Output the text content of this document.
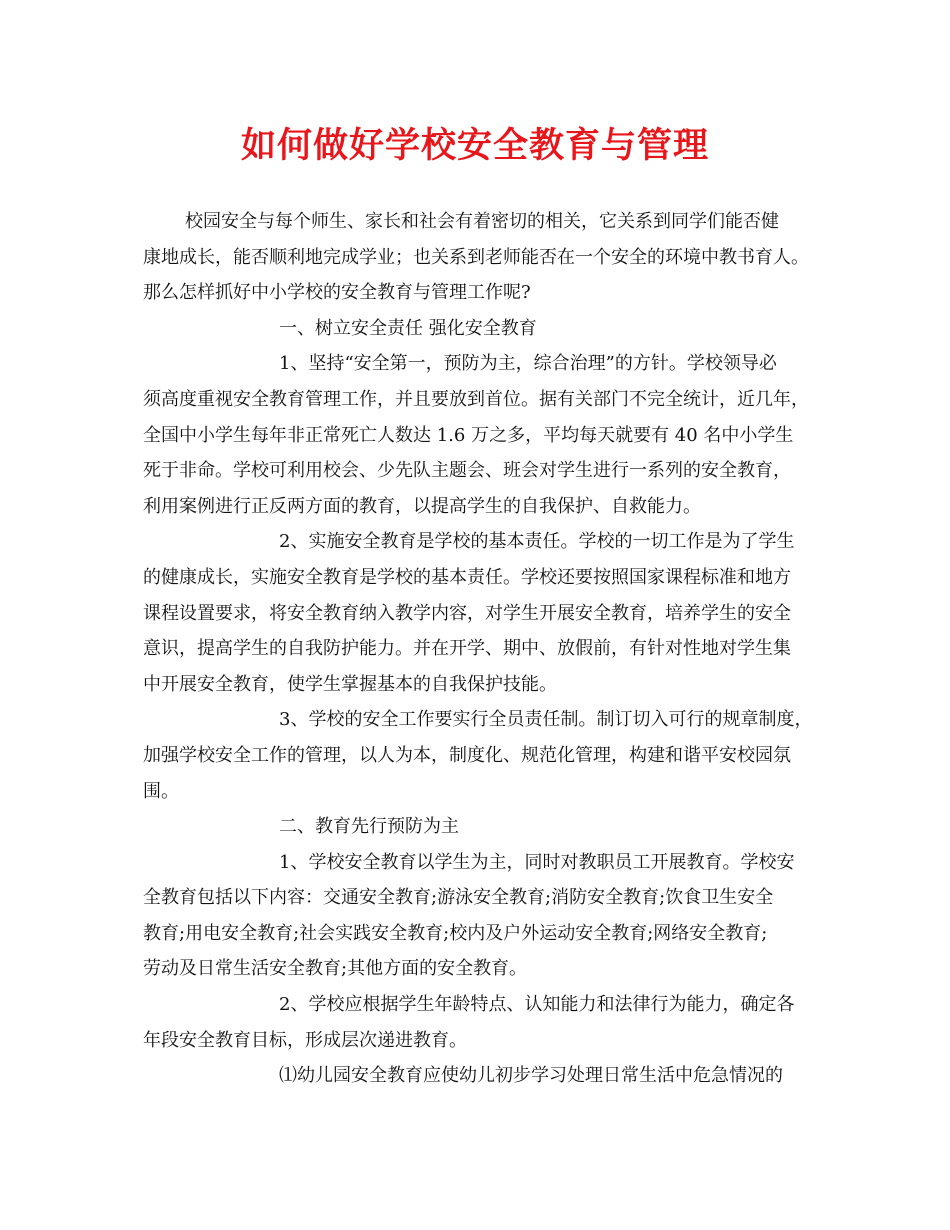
如何做好学校安全教育与管理
校园安全与每个师生、家长和社会有着密切的相关，它关系到同学们能否健
康地成长，能否顺利地完成学业；也关系到老师能否在一个安全的环境中教书育人。
那么怎样抓好中小学校的安全教育与管理工作呢?
一、树立安全责任 强化安全教育
1、坚持“安全第一，预防为主，综合治理”的方针。学校领导必
须高度重视安全教育管理工作，并且要放到首位。据有关部门不完全统计，近几年，
全国中小学生每年非正常死亡人数达 1.6 万之多，平均每天就要有 40 名中小学生
死于非命。学校可利用校会、少先队主题会、班会对学生进行一系列的安全教育，
利用案例进行正反两方面的教育，以提高学生的自我保护、自救能力。
2、实施安全教育是学校的基本责任。学校的一切工作是为了学生
的健康成长，实施安全教育是学校的基本责任。学校还要按照国家课程标准和地方
课程设置要求，将安全教育纳入教学内容，对学生开展安全教育，培养学生的安全
意识，提高学生的自我防护能力。并在开学、期中、放假前，有针对性地对学生集
中开展安全教育，使学生掌握基本的自我保护技能。
3、学校的安全工作要实行全员责任制。制订切入可行的规章制度，
加强学校安全工作的管理，以人为本，制度化、规范化管理，构建和谐平安校园氛
围。
二、教育先行预防为主
1、学校安全教育以学生为主，同时对教职员工开展教育。学校安
全教育包括以下内容：交通安全教育;游泳安全教育;消防安全教育;饮食卫生安全
教育;用电安全教育;社会实践安全教育;校内及户外运动安全教育;网络安全教育;
劳动及日常生活安全教育;其他方面的安全教育。
2、学校应根据学生年龄特点、认知能力和法律行为能力，确定各
年段安全教育目标，形成层次递进教育。
⑴幼儿园安全教育应使幼儿初步学习处理日常生活中危急情况的
